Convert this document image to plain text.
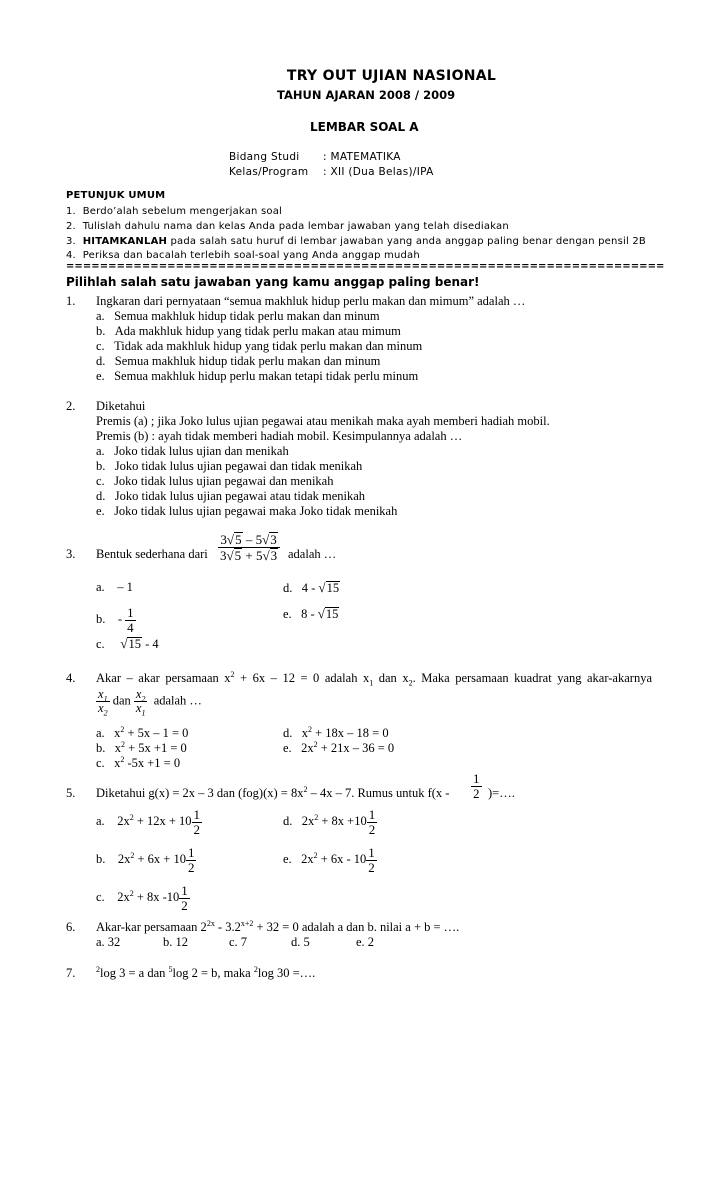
TRY OUT UJIAN NASIONAL
TAHUN AJARAN 2008 / 2009
LEMBAR SOAL A
Bidang Studi : MATEMATIKA
Kelas/Program : XII (Dua Belas)/IPA
PETUNJUK UMUM
1. Berdo’alah sebelum mengerjakan soal
2. Tulislah dahulu nama dan kelas Anda pada lembar jawaban yang telah disediakan
3. HITAMKANLAH pada salah satu huruf di lembar jawaban yang anda anggap paling benar dengan pensil 2B
4. Periksa dan bacalah terlebih soal-soal yang Anda anggap mudah
=======================================================================
Pilihlah salah satu jawaban yang kamu anggap paling benar!
1. Ingkaran dari pernyataan “semua makhluk hidup perlu makan dan mimum” adalah …
a. Semua makhluk hidup tidak perlu makan dan minum
b. Ada makhluk hidup yang tidak perlu makan atau mimum
c. Tidak ada makhluk hidup yang tidak perlu makan dan minum
d. Semua makhluk hidup tidak perlu makan dan minum
e. Semua makhluk hidup perlu makan tetapi tidak perlu minum
2. Diketahui
Premis (a) ; jika Joko lulus ujian pegawai atau menikah maka ayah memberi hadiah mobil.
Premis (b) : ayah tidak memberi hadiah mobil. Kesimpulannya adalah …
a. Joko tidak lulus ujian dan menikah
b. Joko tidak lulus ujian pegawai dan tidak menikah
c. Joko tidak lulus ujian pegawai dan menikah
d. Joko tidak lulus ujian pegawai atau tidak menikah
e. Joko tidak lulus ujian pegawai maka Joko tidak menikah
3. Bentuk sederhana dari $\frac{3√5 - 5√3}{3√5 + 5√3}$ adalah …
a. – 1	d. 4 - √15
b. - $\frac{1}{4}$	e. 8 - √15
c. √15 - 4
4. Akar – akar persamaan $x^2 + 6x - 12 = 0$ adalah $x_1$ dan $x_2$. Maka persamaan kuadrat yang akar-akarnya
$\frac{x_1}{x_2}$ dan $\frac{x_2}{x_1}$ adalah …
a. $x^2 + 5x - 1 = 0$	d. $x^2 + 18x - 18 = 0$
b. $x^2 + 5x +1 = 0$	e. $2x^2 + 21x - 36 = 0$
c. $x^2$ -5x +1 = 0
5. Diketahui g(x) = 2x – 3 dan $(fog)(x) = 8x^2 - 4x - 7$. Rumus untuk $f(x - \frac{1}{2}$ )=….
a. $2x^2 + 12x + 10 \frac{1}{2}$	d. $2x^2 + 8x +10 \frac{1}{2}$
b. $2x^2 + 6x + 10 \frac{1}{2}$	e. $2x^2 + 6x - 10 \frac{1}{2}$
c. $2x^2 + 8x$ $-10 \frac{1}{2}$
6. Akar-kar persamaan $2^{2x} - 3.2^{x+2} + 32 = 0$ adalah a dan b. nilai a + b = ….
a. 32	b. 12	c. 7	d. 5	e. 2
7.	$^2$log 3 = a dan $^5$log 2 = b, maka $^2$log 30 =….
